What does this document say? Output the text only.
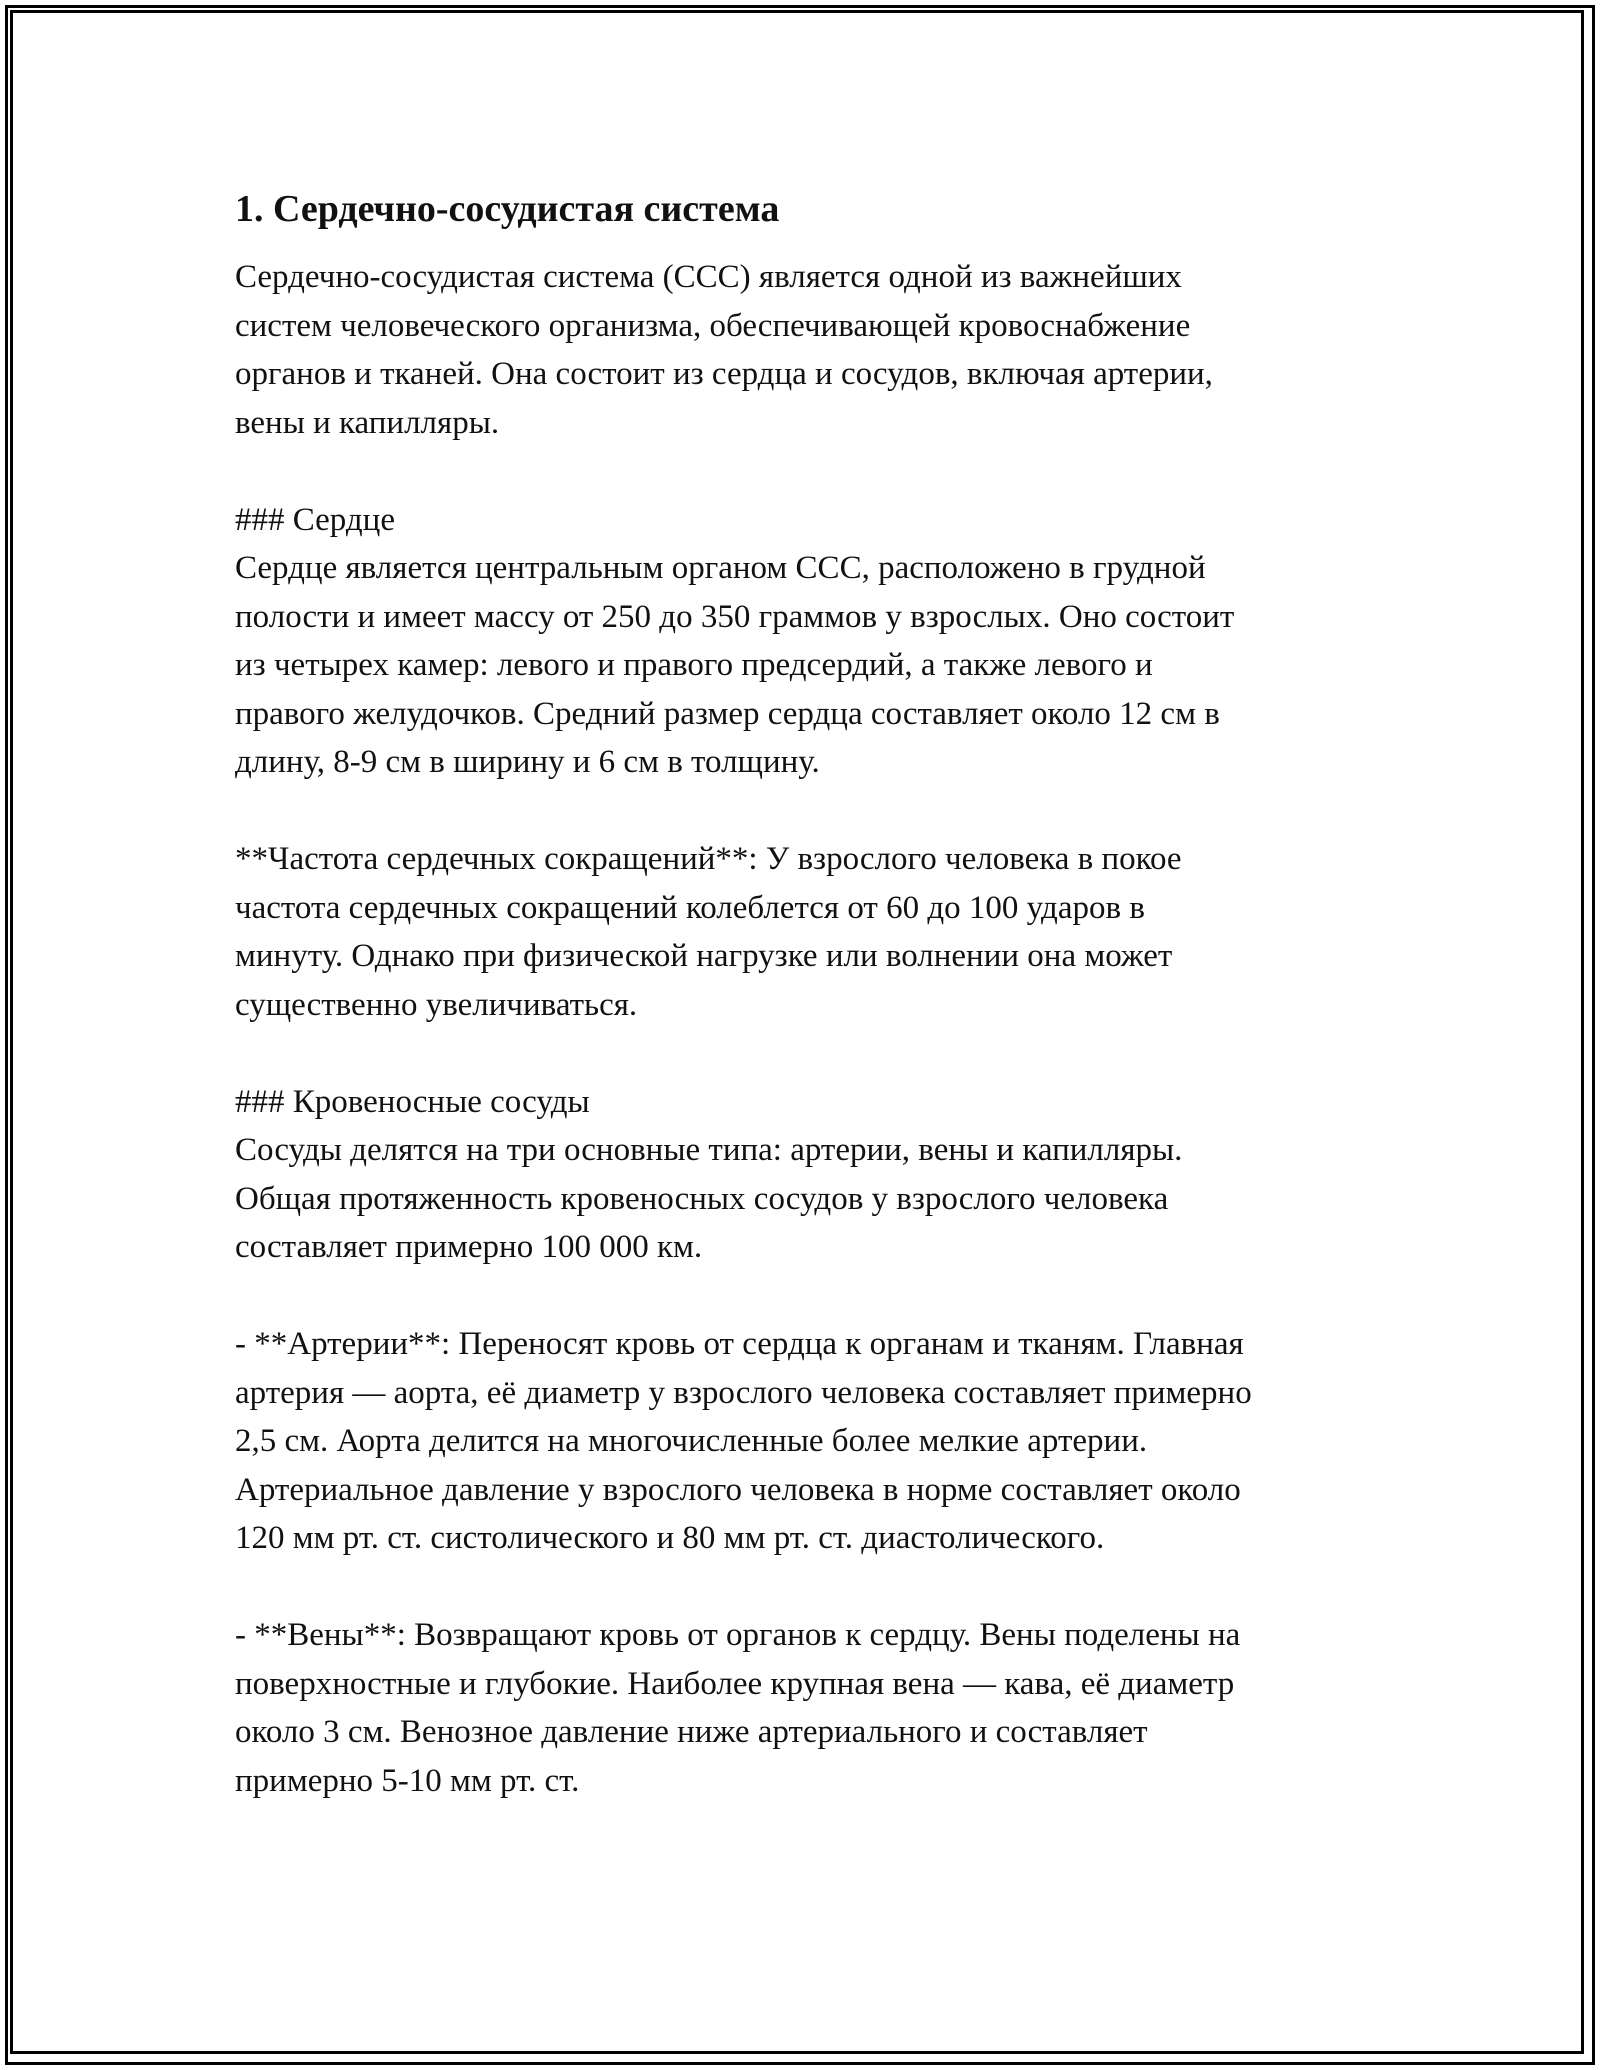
1. Сердечно-сосудистая система
Сердечно-сосудистая система (ССС) является одной из важнейших
систем человеческого организма, обеспечивающей кровоснабжение
органов и тканей. Она состоит из сердца и сосудов, включая артерии,
вены и капилляры.
### Сердце
Сердце является центральным органом ССС, расположено в грудной
полости и имеет массу от 250 до 350 граммов у взрослых. Оно состоит
из четырех камер: левого и правого предсердий, а также левого и
правого желудочков. Средний размер сердца составляет около 12 см в
длину, 8-9 см в ширину и 6 см в толщину.
**Частота сердечных сокращений**: У взрослого человека в покое
частота сердечных сокращений колеблется от 60 до 100 ударов в
минуту. Однако при физической нагрузке или волнении она может
существенно увеличиваться.
### Кровеносные сосуды
Сосуды делятся на три основные типа: артерии, вены и капилляры.
Общая протяженность кровеносных сосудов у взрослого человека
составляет примерно 100 000 км.
- **Артерии**: Переносят кровь от сердца к органам и тканям. Главная
артерия — аорта, её диаметр у взрослого человека составляет примерно
2,5 см. Аорта делится на многочисленные более мелкие артерии.
Артериальное давление у взрослого человека в норме составляет около
120 мм рт. ст. систолического и 80 мм рт. ст. диастолического.
- **Вены**: Возвращают кровь от органов к сердцу. Вены поделены на
поверхностные и глубокие. Наиболее крупная вена — кава, её диаметр
около 3 см. Венозное давление ниже артериального и составляет
примерно 5-10 мм рт. ст.
